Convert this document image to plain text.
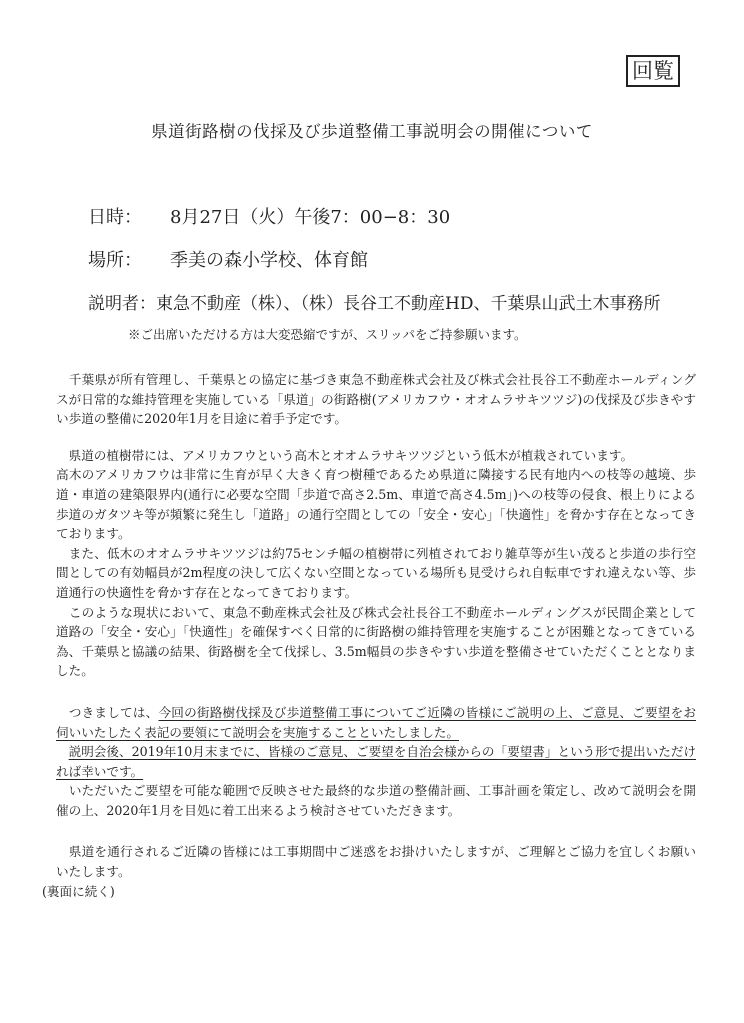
回覧
県道街路樹の伐採及び歩道整備工事説明会の開催について
日時： 8月27日（火）午後7：00−8：30
場所： 季美の森小学校、体育館
説明者：東急不動産（株）、（株）長谷工不動産HD、千葉県山武土木事務所
※ご出席いただける方は大変恐縮ですが、スリッパをご持参願います。

　千葉県が所有管理し、千葉県との協定に基づき東急不動産株式会社及び株式会社長谷工不動産ホールディングスが日常的な維持管理を実施している「県道」の街路樹(アメリカフウ・オオムラサキツツジ)の伐採及び歩きやすい歩道の整備に2020年1月を目途に着手予定です。

　県道の植樹帯には、アメリカフウという高木とオオムラサキツツジという低木が植栽されています。

高木のアメリカフウは非常に生育が早く大きく育つ樹種であるため県道に隣接する民有地内への枝等の越境、歩道・車道の建築限界内(通行に必要な空間「歩道で高さ2.5m、車道で高さ4.5m」)への枝等の侵食、根上りによる歩道のガタツキ等が頻繁に発生し「道路」の通行空間としての「安全・安心」「快適性」を脅かす存在となってきております。

　また、低木のオオムラサキツツジは約75センチ幅の植樹帯に列植されており雑草等が生い茂ると歩道の歩行空間としての有効幅員が2m程度の決して広くない空間となっている場所も見受けられ自転車ですれ違えない等、歩道通行の快適性を脅かす存在となってきております。

　このような現状において、東急不動産株式会社及び株式会社長谷工不動産ホールディングスが民間企業として道路の「安全・安心」「快適性」を確保すべく日常的に街路樹の維持管理を実施することが困難となってきている為、千葉県と協議の結果、街路樹を全て伐採し、3.5m幅員の歩きやすい歩道を整備させていただくこととなりました。

　つきましては、今回の街路樹伐採及び歩道整備工事についてご近隣の皆様にご説明の上、ご意見、ご要望をお伺いいたしたく表記の要領にて説明会を実施することといたしました。

　説明会後、2019年10月末までに、皆様のご意見、ご要望を自治会様からの「要望書」という形で提出いただければ幸いです。

　いただいたご要望を可能な範囲で反映させた最終的な歩道の整備計画、工事計画を策定し、改めて説明会を開催の上、2020年1月を目処に着工出来るよう検討させていただきます。

　県道を通行されるご近隣の皆様には工事期間中ご迷惑をお掛けいたしますが、ご理解とご協力を宜しくお願いいたします。

(裏面に続く)
